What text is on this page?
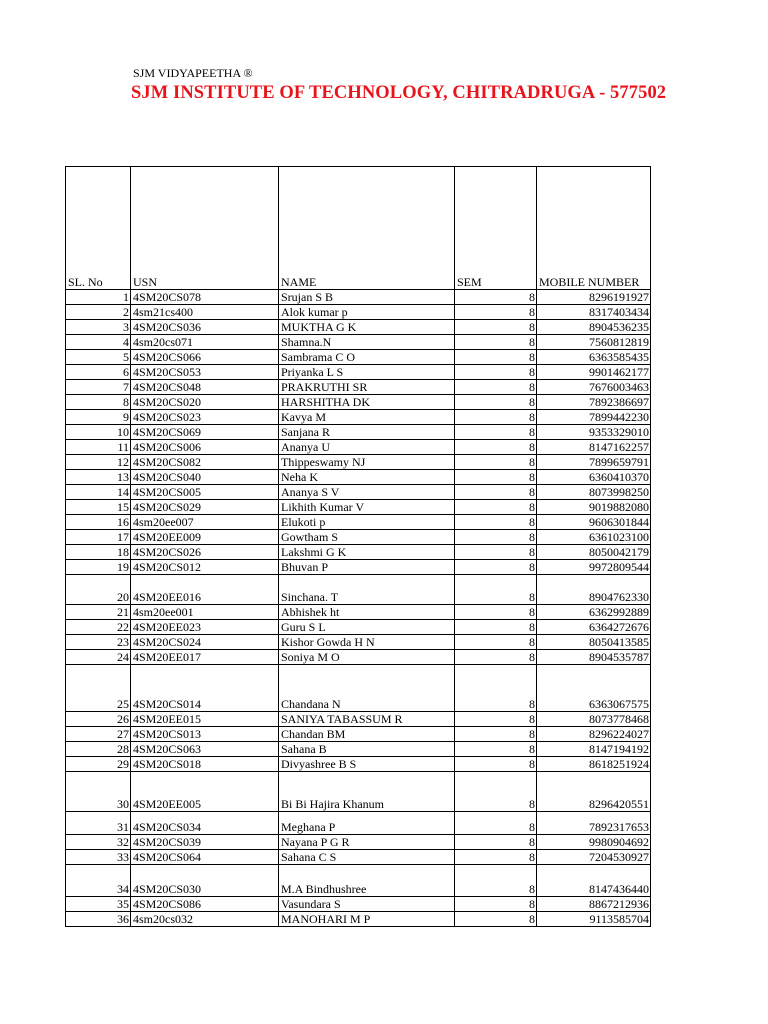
SJM VIDYAPEETHA ®
SJM INSTITUTE OF TECHNOLOGY, CHITRADRUGA - 577502
SL. No	USN	NAME	SEM	MOBILE NUMBER
1	4SM20CS078	Srujan S B	8	8296191927
2	4sm21cs400	Alok kumar p	8	8317403434
3	4SM20CS036	MUKTHA G K	8	8904536235
4	4sm20cs071	Shamna.N	8	7560812819
5	4SM20CS066	Sambrama C O	8	6363585435
6	4SM20CS053	Priyanka L S	8	9901462177
7	4SM20CS048	PRAKRUTHI SR	8	7676003463
8	4SM20CS020	HARSHITHA DK	8	7892386697
9	4SM20CS023	Kavya M	8	7899442230
10	4SM20CS069	Sanjana R	8	9353329010
11	4SM20CS006	Ananya U	8	8147162257
12	4SM20CS082	Thippeswamy NJ	8	7899659791
13	4SM20CS040	Neha K	8	6360410370
14	4SM20CS005	Ananya S V	8	8073998250
15	4SM20CS029	Likhith Kumar V	8	9019882080
16	4sm20ee007	Elukoti p	8	9606301844
17	4SM20EE009	Gowtham S	8	6361023100
18	4SM20CS026	Lakshmi G K	8	8050042179
19	4SM20CS012	Bhuvan P	8	9972809544
20	4SM20EE016	Sinchana. T	8	8904762330
21	4sm20ee001	Abhishek ht	8	6362992889
22	4SM20EE023	Guru S L	8	6364272676
23	4SM20CS024	Kishor Gowda H N	8	8050413585
24	4SM20EE017	Soniya M O	8	8904535787
25	4SM20CS014	Chandana N	8	6363067575
26	4SM20EE015	SANIYA TABASSUM R	8	8073778468
27	4SM20CS013	Chandan BM	8	8296224027
28	4SM20CS063	Sahana B	8	8147194192
29	4SM20CS018	Divyashree B S	8	8618251924
30	4SM20EE005	Bi Bi Hajira Khanum	8	8296420551
31	4SM20CS034	Meghana P	8	7892317653
32	4SM20CS039	Nayana P G R	8	9980904692
33	4SM20CS064	Sahana C S	8	7204530927
34	4SM20CS030	M.A Bindhushree	8	8147436440
35	4SM20CS086	Vasundara S	8	8867212936
36	4sm20cs032	MANOHARI M P	8	9113585704
